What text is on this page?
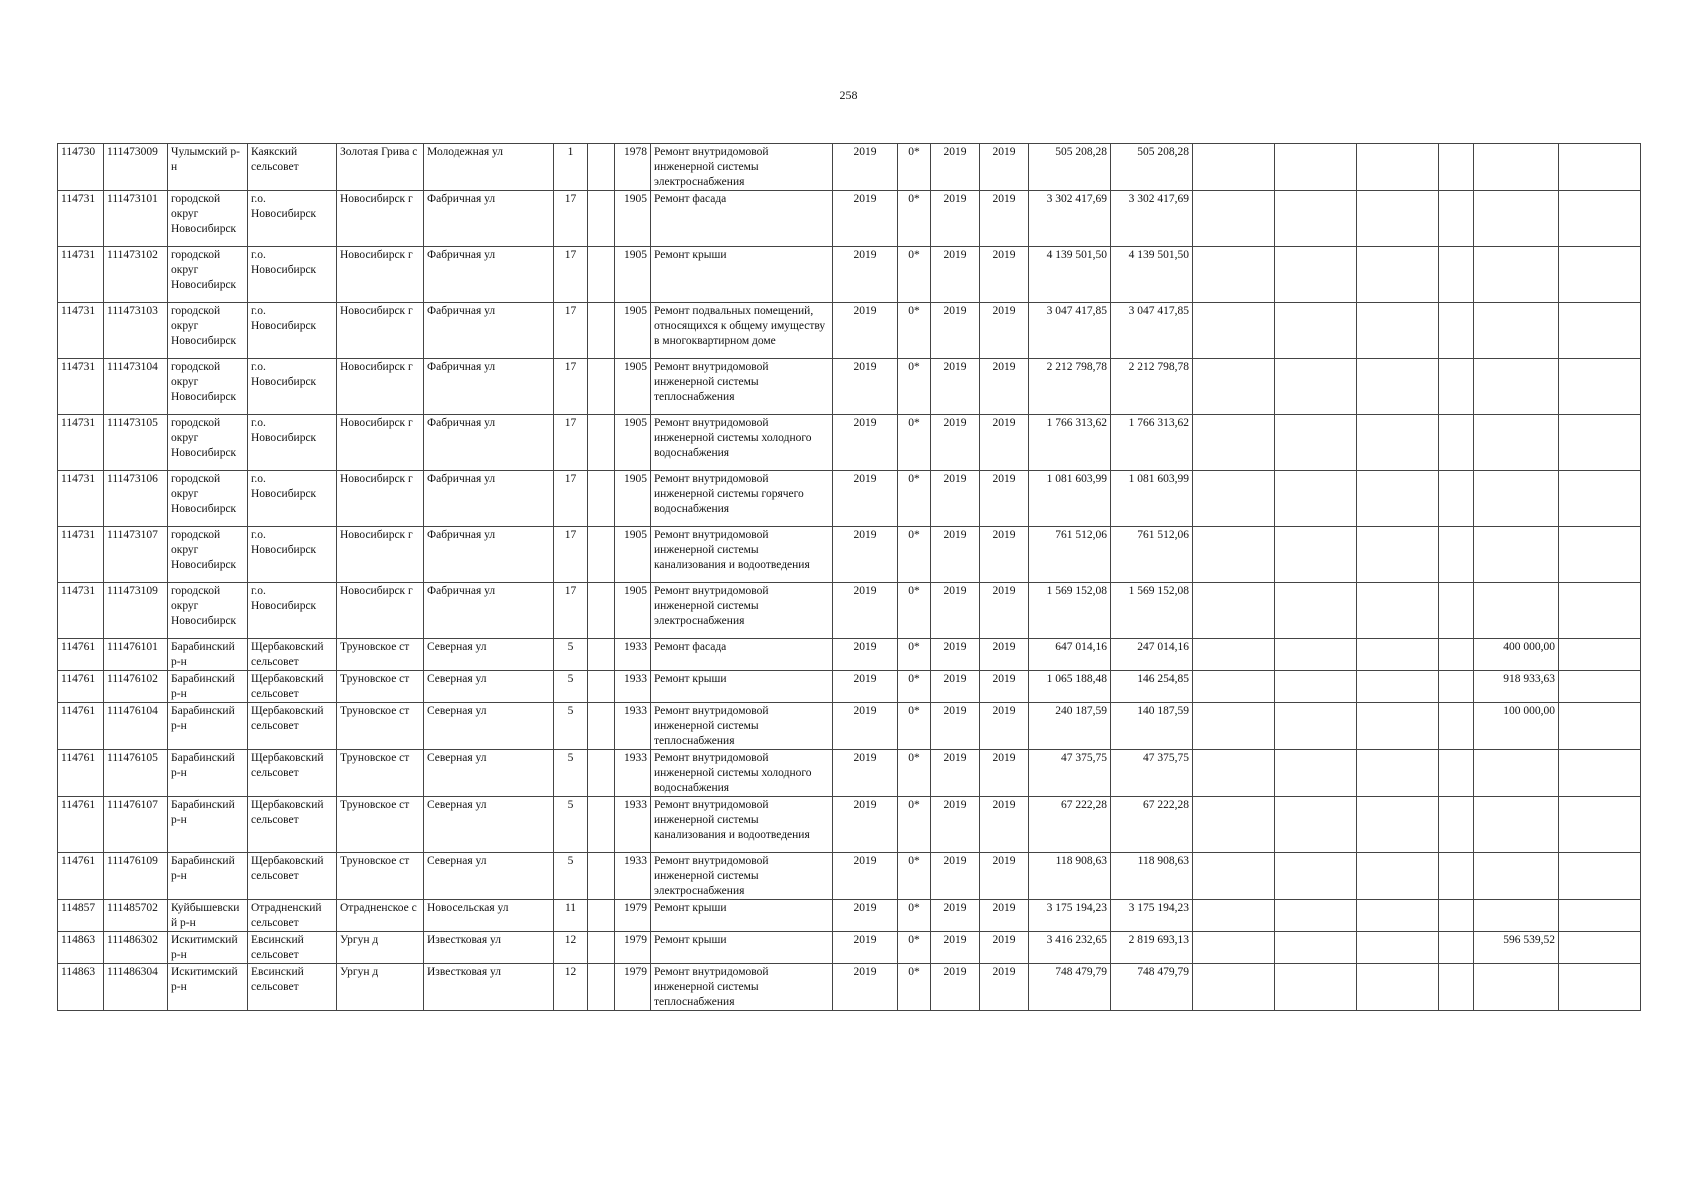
258
114730	111473009	Чулымский р-н	Каякский сельсовет	Золотая Грива с	Молодежная ул	1		1978	Ремонт внутридомовой инженерной системы электроснабжения	2019	0*	2019	2019	505 208,28	505 208,28						
114731	111473101	городской округ Новосибирск	г.о. Новосибирск	Новосибирск г	Фабричная ул	17		1905	Ремонт фасада	2019	0*	2019	2019	3 302 417,69	3 302 417,69						
114731	111473102	городской округ Новосибирск	г.о. Новосибирск	Новосибирск г	Фабричная ул	17		1905	Ремонт крыши	2019	0*	2019	2019	4 139 501,50	4 139 501,50						
114731	111473103	городской округ Новосибирск	г.о. Новосибирск	Новосибирск г	Фабричная ул	17		1905	Ремонт подвальных помещений, относящихся к общему имуществу в многоквартирном доме	2019	0*	2019	2019	3 047 417,85	3 047 417,85						
114731	111473104	городской округ Новосибирск	г.о. Новосибирск	Новосибирск г	Фабричная ул	17		1905	Ремонт внутридомовой инженерной системы теплоснабжения	2019	0*	2019	2019	2 212 798,78	2 212 798,78						
114731	111473105	городской округ Новосибирск	г.о. Новосибирск	Новосибирск г	Фабричная ул	17		1905	Ремонт внутридомовой инженерной системы холодного водоснабжения	2019	0*	2019	2019	1 766 313,62	1 766 313,62						
114731	111473106	городской округ Новосибирск	г.о. Новосибирск	Новосибирск г	Фабричная ул	17		1905	Ремонт внутридомовой инженерной системы горячего водоснабжения	2019	0*	2019	2019	1 081 603,99	1 081 603,99						
114731	111473107	городской округ Новосибирск	г.о. Новосибирск	Новосибирск г	Фабричная ул	17		1905	Ремонт внутридомовой инженерной системы канализования и водоотведения	2019	0*	2019	2019	761 512,06	761 512,06						
114731	111473109	городской округ Новосибирск	г.о. Новосибирск	Новосибирск г	Фабричная ул	17		1905	Ремонт внутридомовой инженерной системы электроснабжения	2019	0*	2019	2019	1 569 152,08	1 569 152,08						
114761	111476101	Барабинский р-н	Щербаковский сельсовет	Труновское ст	Северная ул	5		1933	Ремонт фасада	2019	0*	2019	2019	647 014,16	247 014,16					400 000,00	
114761	111476102	Барабинский р-н	Щербаковский сельсовет	Труновское ст	Северная ул	5		1933	Ремонт крыши	2019	0*	2019	2019	1 065 188,48	146 254,85					918 933,63	
114761	111476104	Барабинский р-н	Щербаковский сельсовет	Труновское ст	Северная ул	5		1933	Ремонт внутридомовой инженерной системы теплоснабжения	2019	0*	2019	2019	240 187,59	140 187,59					100 000,00	
114761	111476105	Барабинский р-н	Щербаковский сельсовет	Труновское ст	Северная ул	5		1933	Ремонт внутридомовой инженерной системы холодного водоснабжения	2019	0*	2019	2019	47 375,75	47 375,75						
114761	111476107	Барабинский р-н	Щербаковский сельсовет	Труновское ст	Северная ул	5		1933	Ремонт внутридомовой инженерной системы канализования и водоотведения	2019	0*	2019	2019	67 222,28	67 222,28						
114761	111476109	Барабинский р-н	Щербаковский сельсовет	Труновское ст	Северная ул	5		1933	Ремонт внутридомовой инженерной системы электроснабжения	2019	0*	2019	2019	118 908,63	118 908,63						
114857	111485702	Куйбышевский р-н	Отрадненский сельсовет	Отрадненское с	Новосельская ул	11		1979	Ремонт крыши	2019	0*	2019	2019	3 175 194,23	3 175 194,23						
114863	111486302	Искитимский р-н	Евсинский сельсовет	Ургун д	Известковая ул	12		1979	Ремонт крыши	2019	0*	2019	2019	3 416 232,65	2 819 693,13					596 539,52	
114863	111486304	Искитимский р-н	Евсинский сельсовет	Ургун д	Известковая ул	12		1979	Ремонт внутридомовой инженерной системы теплоснабжения	2019	0*	2019	2019	748 479,79	748 479,79						
